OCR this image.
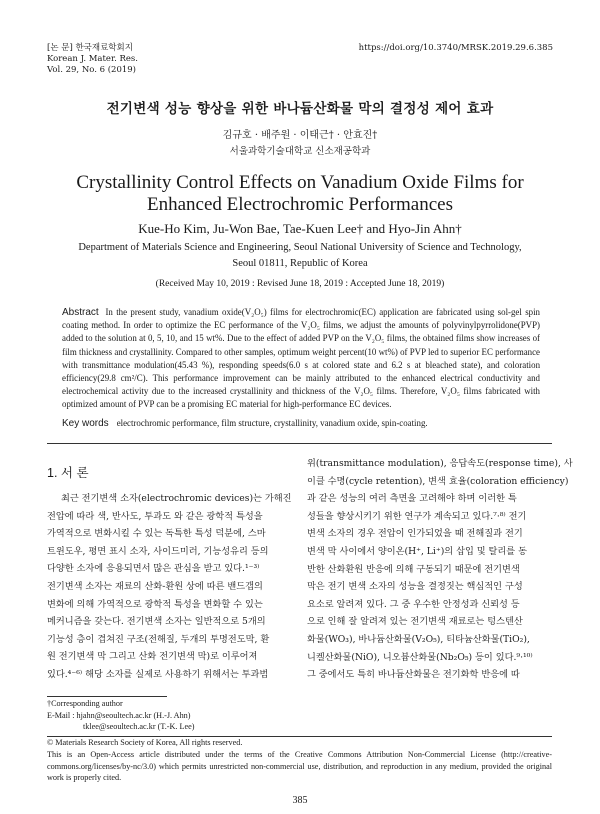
[논 문] 한국재료학회지
Korean J. Mater. Res.
Vol. 29, No. 6 (2019)
https://doi.org/10.3740/MRSK.2019.29.6.385
전기변색 성능 향상을 위한 바나듐산화물 막의 결정성 제어 효과
김규호 · 배주원 · 이태근† · 안효진†
서울과학기술대학교 신소재공학과
Crystallinity Control Effects on Vanadium Oxide Films for
Enhanced Electrochromic Performances
Kue-Ho Kim, Ju-Won Bae, Tae-Kuen Lee† and Hyo-Jin Ahn†
Department of Materials Science and Engineering, Seoul National University of Science and Technology,
Seoul 01811, Republic of Korea
(Received May 10, 2019 : Revised June 18, 2019 : Accepted June 18, 2019)
Abstract In the present study, vanadium oxide(V₂O₅) films for electrochromic(EC) application are fabricated using sol-gel spin coating method. In order to optimize the EC performance of the V₂O₅ films, we adjust the amounts of polyvinylpyrrolidone(PVP) added to the solution at 0, 5, 10, and 15 wt%. Due to the effect of added PVP on the V₂O₅ films, the obtained films show increases of film thickness and crystallinity. Compared to other samples, optimum weight percent(10 wt%) of PVP led to superior EC performance with transmittance modulation(45.43 %), responding speeds(6.0 s at colored state and 6.2 s at bleached state), and coloration efficiency(29.8 cm²/C). This performance improvement can be mainly attributed to the enhanced electrical conductivity and electrochemical activity due to the increased crystallinity and thickness of the V₂O₅ films. Therefore, V₂O₅ films fabricated with optimized amount of PVP can be a promising EC material for high-performance EC devices.
Key words electrochromic performance, film structure, crystallinity, vanadium oxide, spin-coating.
1. 서 론

최근 전기변색 소자(electrochromic devices)는 가해진

전압에 따라 색, 반사도, 투과도 와 같은 광학적 특성을

가역적으로 변화시킬 수 있는 독특한 특성 덕분에, 스마

트윈도우, 평면 표시 소자, 사이드미러, 기능성유리 등의

다양한 소자에 응용되면서 많은 관심을 받고 있다.¹⁻³⁾

전기변색 소자는 재료의 산화-환원 상에 따른 밴드갭의

변화에 의해 가역적으로 광학적 특성을 변화할 수 있는

메커니즘을 갖는다. 전기변색 소자는 일반적으로 5개의

기능성 층이 겹쳐진 구조(전해질, 두개의 투명전도막, 환

원 전기변색 막 그리고 산화 전기변색 막)로 이루어져

있다.⁴⁻⁶⁾ 해당 소자를 실제로 사용하기 위해서는 투과범

위(transmittance modulation), 응답속도(response time), 사

이클 수명(cycle retention), 변색 효율(coloration efficiency)

과 같은 성능의 여러 측면을 고려해야 하며 이러한 특

성들을 향상시키기 위한 연구가 계속되고 있다.⁷·⁸⁾ 전기

변색 소자의 경우 전압이 인가되었을 때 전해질과 전기

변색 막 사이에서 양이온(H⁺, Li⁺)의 삽입 및 탈리를 동

반한 산화환원 반응에 의해 구동되기 때문에 전기변색

막은 전기 변색 소자의 성능을 결정짓는 핵심적인 구성

요소로 알려져 있다. 그 중 우수한 안정성과 신뢰성 등

으로 인해 잘 알려져 있는 전기변색 재료로는 텅스텐산

화물(WO₃), 바나듐산화물(V₂O₅), 티타늄산화물(TiO₂),

니켈산화물(NiO), 니오븀산화물(Nb₂O₅) 등이 있다.⁹·¹⁰⁾

그 중에서도 특히 바나듐산화물은 전기화학 반응에 따

†Corresponding author
E-Mail : hjahn@seoultech.ac.kr (H.-J. Ahn)
tklee@seoultech.ac.kr (T.-K. Lee)
© Materials Research Society of Korea, All rights reserved.
This is an Open-Access article distributed under the terms of the Creative Commons Attribution Non-Commercial License (http://creative-commons.org/licenses/by-nc/3.0) which permits unrestricted non-commercial use, distribution, and reproduction in any medium, provided the original work is properly cited.
385
